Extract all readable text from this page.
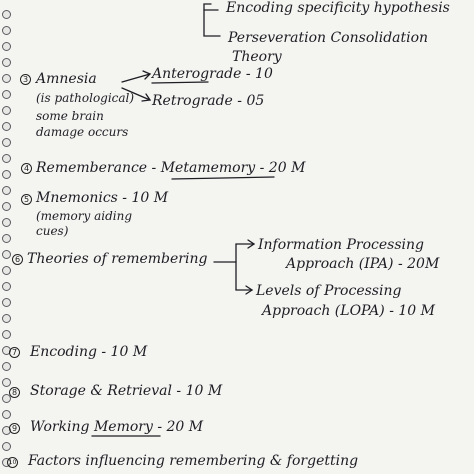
Encoding specificity hypothesis
Perseveration Consolidation
Theory
3 Amnesia
(is pathological)
some brain
damage occurs
Anterograde - 10
Retrograde - 05
4 Rememberance - Metamemory - 20 M
5 Mnemonics - 10 M
(memory aiding
cues)
6 Theories of remembering
Information Processing
Approach (IPA) - 20M
Levels of Processing
Approach (LOPA) - 10 M
7 Encoding - 10 M
8 Storage & Retrieval - 10 M
9 Working Memory - 20 M
10 Factors influencing remembering & forgetting
